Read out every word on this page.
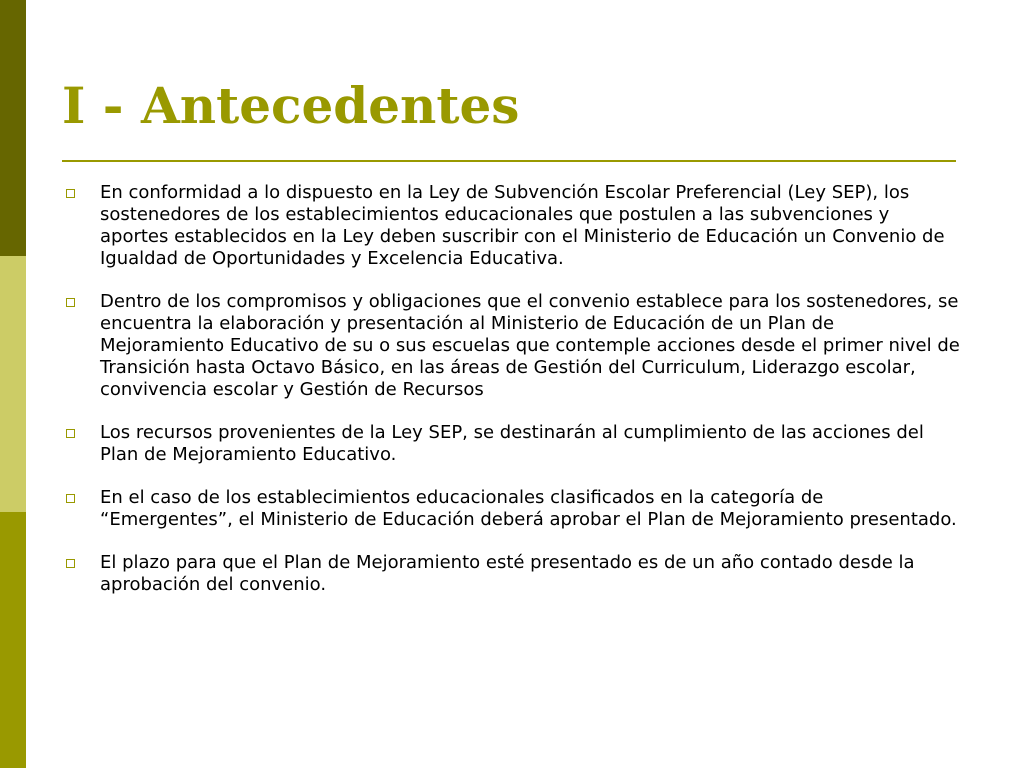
I - Antecedentes
En conformidad a lo dispuesto en la Ley de Subvención Escolar Preferencial (Ley SEP), los sostenedores de los establecimientos educacionales que postulen a las subvenciones y aportes establecidos en la Ley deben suscribir con el Ministerio de Educación un Convenio de Igualdad de Oportunidades y Excelencia Educativa.
Dentro de los compromisos y obligaciones que el convenio establece para los sostenedores, se encuentra la elaboración y presentación al Ministerio de Educación de un Plan de Mejoramiento Educativo de su o sus escuelas que contemple acciones desde el primer nivel de Transición hasta Octavo Básico, en las áreas de Gestión del Curriculum, Liderazgo escolar, convivencia escolar y Gestión de Recursos
Los recursos provenientes de la Ley SEP, se destinarán al cumplimiento de las acciones del Plan de Mejoramiento Educativo.
En el caso de los establecimientos educacionales clasificados en la categoría de “Emergentes”, el Ministerio de Educación deberá aprobar el Plan de Mejoramiento presentado.
El plazo para que el Plan de Mejoramiento esté presentado es de un año contado desde la aprobación del convenio.
